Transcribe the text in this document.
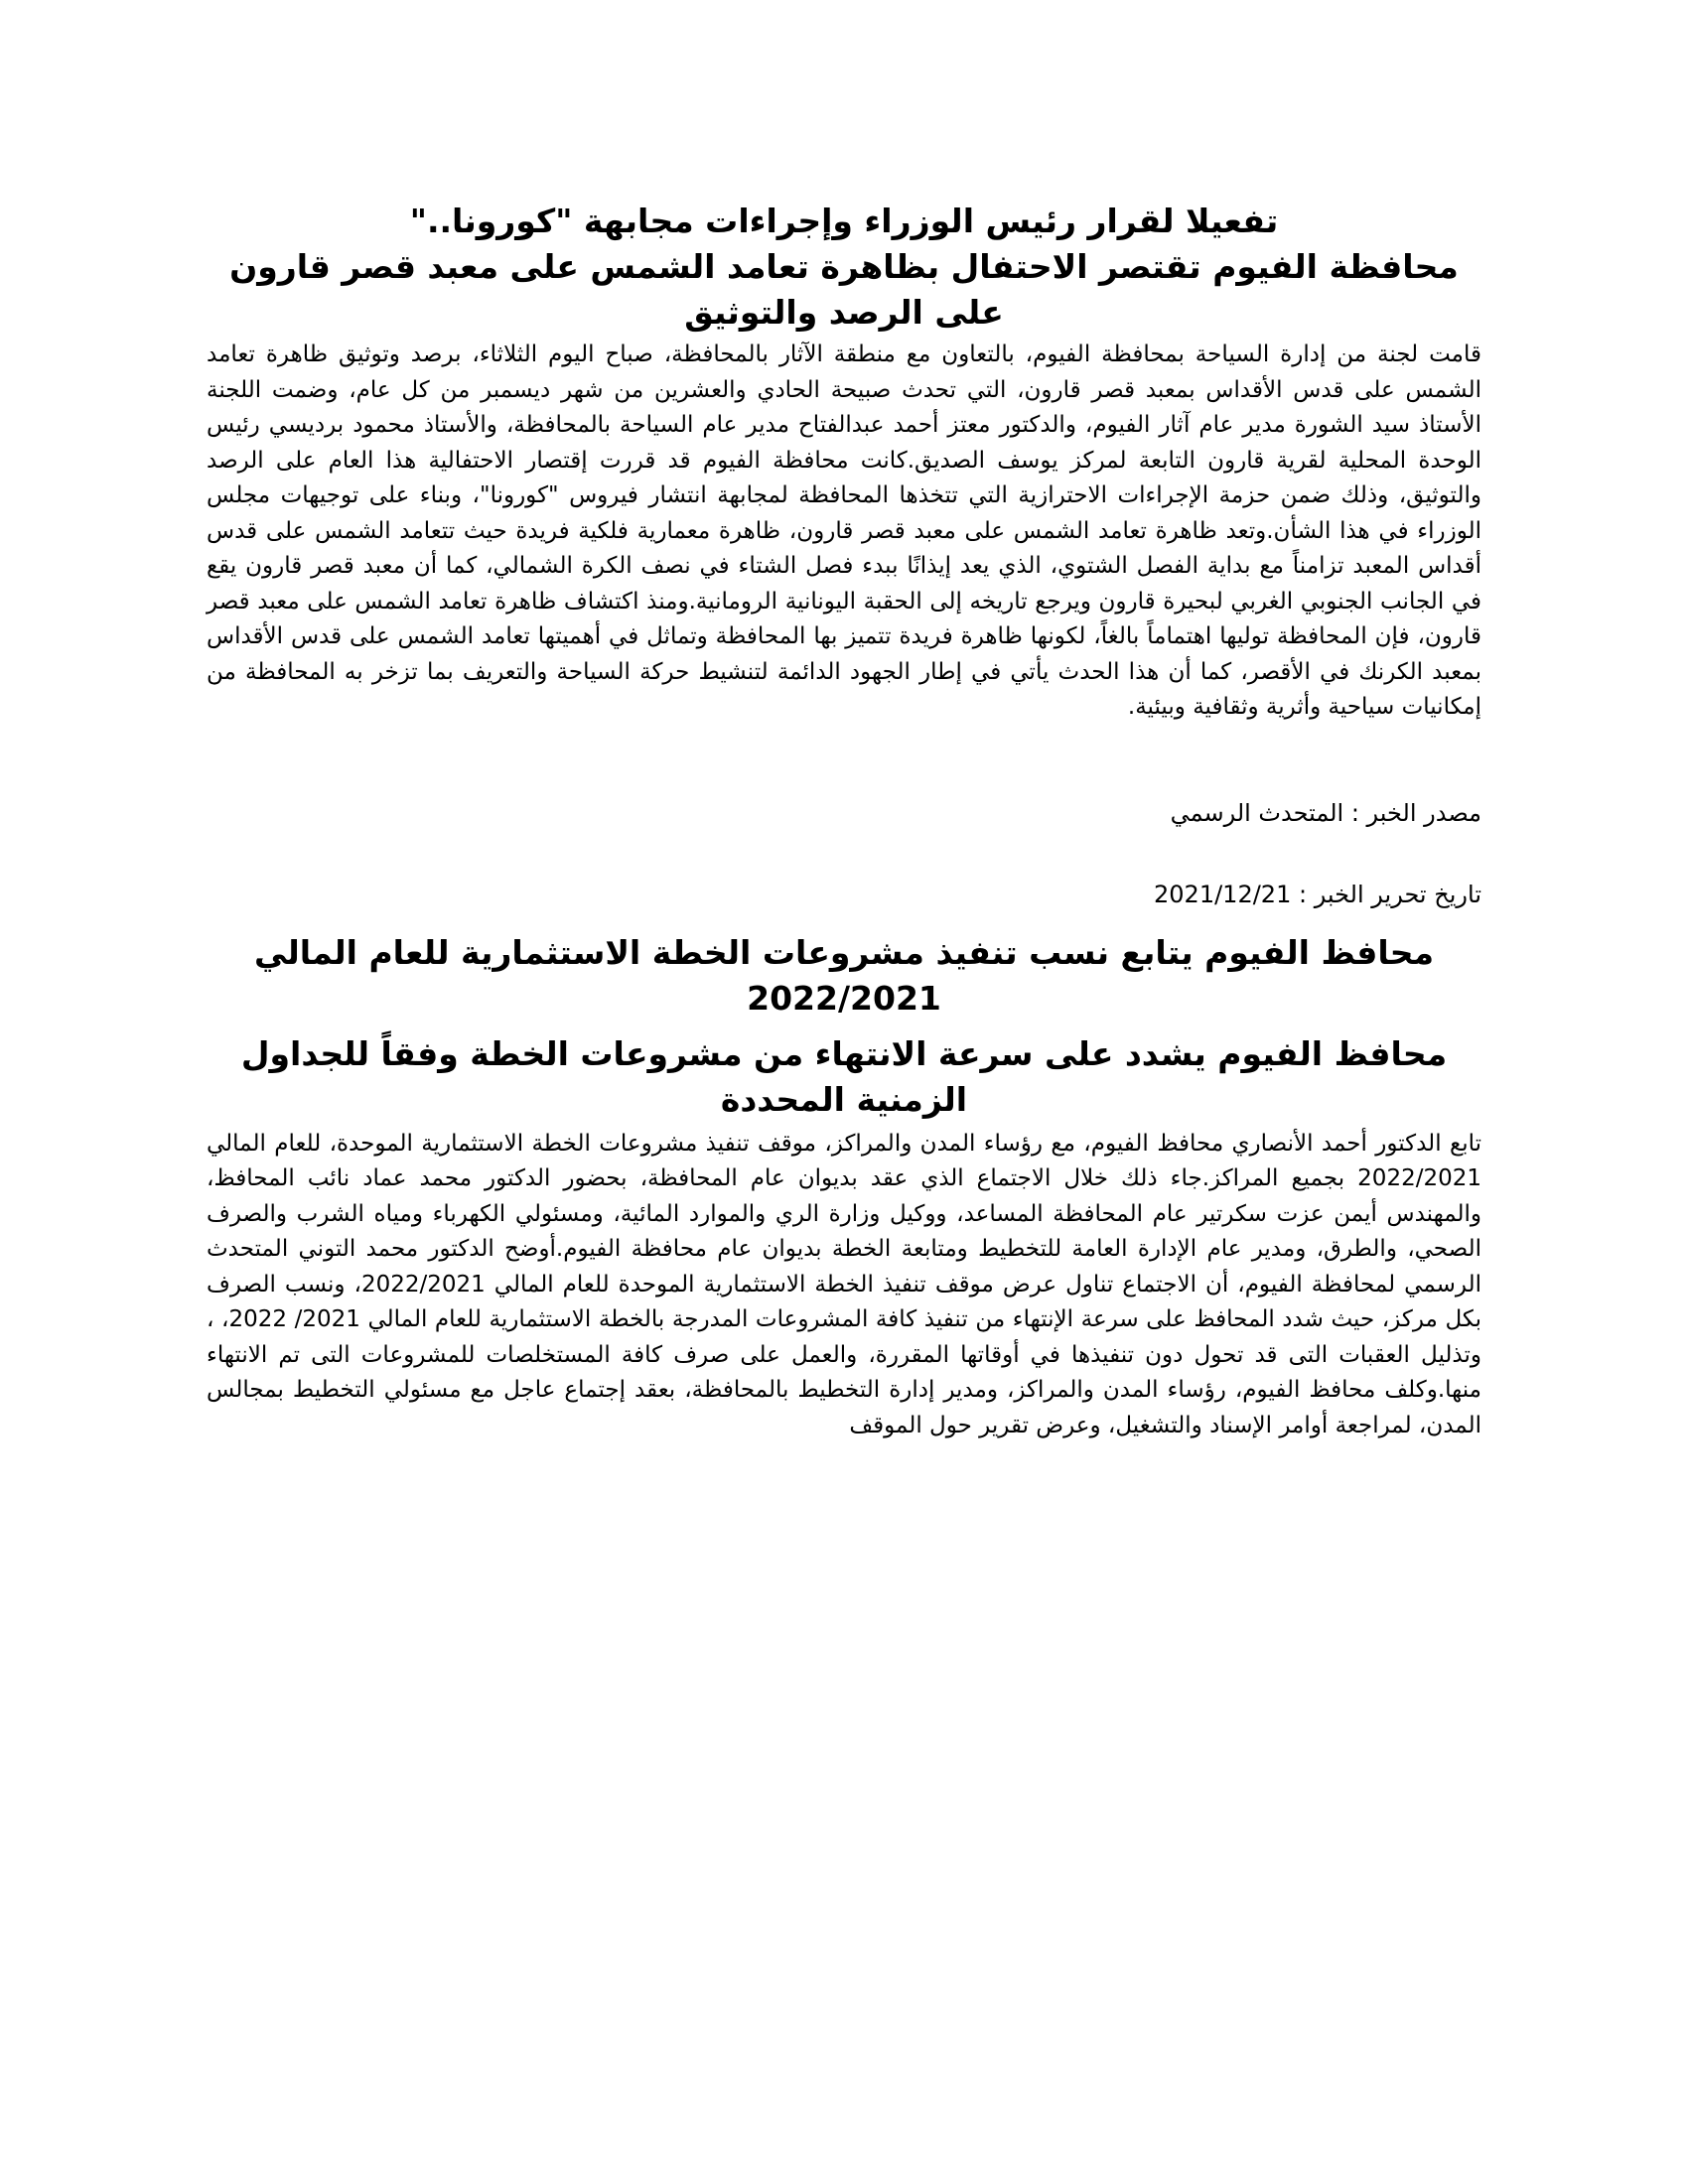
تفعيلا لقرار رئيس الوزراء وإجراءات مجابهة "كورونا.."
محافظة الفيوم تقتصر الاحتفال بظاهرة تعامد الشمس على معبد قصر قارون على الرصد والتوثيق

قامت لجنة من إدارة السياحة بمحافظة الفيوم، بالتعاون مع منطقة الآثار بالمحافظة، صباح اليوم الثلاثاء، برصد وتوثيق ظاهرة تعامد الشمس على قدس الأقداس بمعبد قصر قارون، التي تحدث صبيحة الحادي والعشرين من شهر ديسمبر من كل عام، وضمت اللجنة الأستاذ سيد الشورة مدير عام آثار الفيوم، والدكتور معتز أحمد عبدالفتاح مدير عام السياحة بالمحافظة، والأستاذ محمود برديسي رئيس الوحدة المحلية لقرية قارون التابعة لمركز يوسف الصديق.كانت محافظة الفيوم قد قررت إقتصار الاحتفالية هذا العام على الرصد والتوثيق، وذلك ضمن حزمة الإجراءات الاحترازية التي تتخذها المحافظة لمجابهة انتشار فيروس "كورونا"، وبناء على توجيهات مجلس الوزراء في هذا الشأن.وتعد ظاهرة تعامد الشمس على معبد قصر قارون، ظاهرة معمارية فلكية فريدة حيث تتعامد الشمس على قدس أقداس المعبد تزامناً مع بداية الفصل الشتوي، الذي يعد إيذانًا ببدء فصل الشتاء في نصف الكرة الشمالي، كما أن معبد قصر قارون يقع في الجانب الجنوبي الغربي لبحيرة قارون ويرجع تاريخه إلى الحقبة اليونانية الرومانية.ومنذ اكتشاف ظاهرة تعامد الشمس على معبد قصر قارون، فإن المحافظة توليها اهتماماً بالغاً، لكونها ظاهرة فريدة تتميز بها المحافظة وتماثل في أهميتها تعامد الشمس على قدس الأقداس بمعبد الكرنك في الأقصر، كما أن هذا الحدث يأتي في إطار الجهود الدائمة لتنشيط حركة السياحة والتعريف بما تزخر به المحافظة من إمكانيات سياحية وأثرية وثقافية وبيئية.

مصدر الخبر : المتحدث الرسمي

تاريخ تحرير الخبر : 2021/12/21

محافظ الفيوم يتابع نسب تنفيذ مشروعات الخطة الاستثمارية للعام المالي 2022/2021
محافظ الفيوم يشدد على سرعة الانتهاء من مشروعات الخطة وفقاً للجداول الزمنية المحددة

تابع الدكتور أحمد الأنصاري محافظ الفيوم، مع رؤساء المدن والمراكز، موقف تنفيذ مشروعات الخطة الاستثمارية الموحدة، للعام المالي 2022/2021 بجميع المراكز.جاء ذلك خلال الاجتماع الذي عقد بديوان عام المحافظة، بحضور الدكتور محمد عماد نائب المحافظ، والمهندس أيمن عزت سكرتير عام المحافظة المساعد، ووكيل وزارة الري والموارد المائية، ومسئولي الكهرباء ومياه الشرب والصرف الصحي، والطرق، ومدير عام الإدارة العامة للتخطيط ومتابعة الخطة بديوان عام محافظة الفيوم.أوضح الدكتور محمد التوني المتحدث الرسمي لمحافظة الفيوم، أن الاجتماع تناول عرض موقف تنفيذ الخطة الاستثمارية الموحدة للعام المالي 2022/2021، ونسب الصرف بكل مركز، حيث شدد المحافظ على سرعة الإنتهاء من تنفيذ كافة المشروعات المدرجة بالخطة الاستثمارية للعام المالي 2021/ 2022، ، وتذليل العقبات التى قد تحول دون تنفيذها في أوقاتها المقررة، والعمل على صرف كافة المستخلصات للمشروعات التى تم الانتهاء منها.وكلف محافظ الفيوم، رؤساء المدن والمراكز، ومدير إدارة التخطيط بالمحافظة، بعقد إجتماع عاجل مع مسئولي التخطيط بمجالس المدن، لمراجعة أوامر الإسناد والتشغيل، وعرض تقرير حول الموقف
